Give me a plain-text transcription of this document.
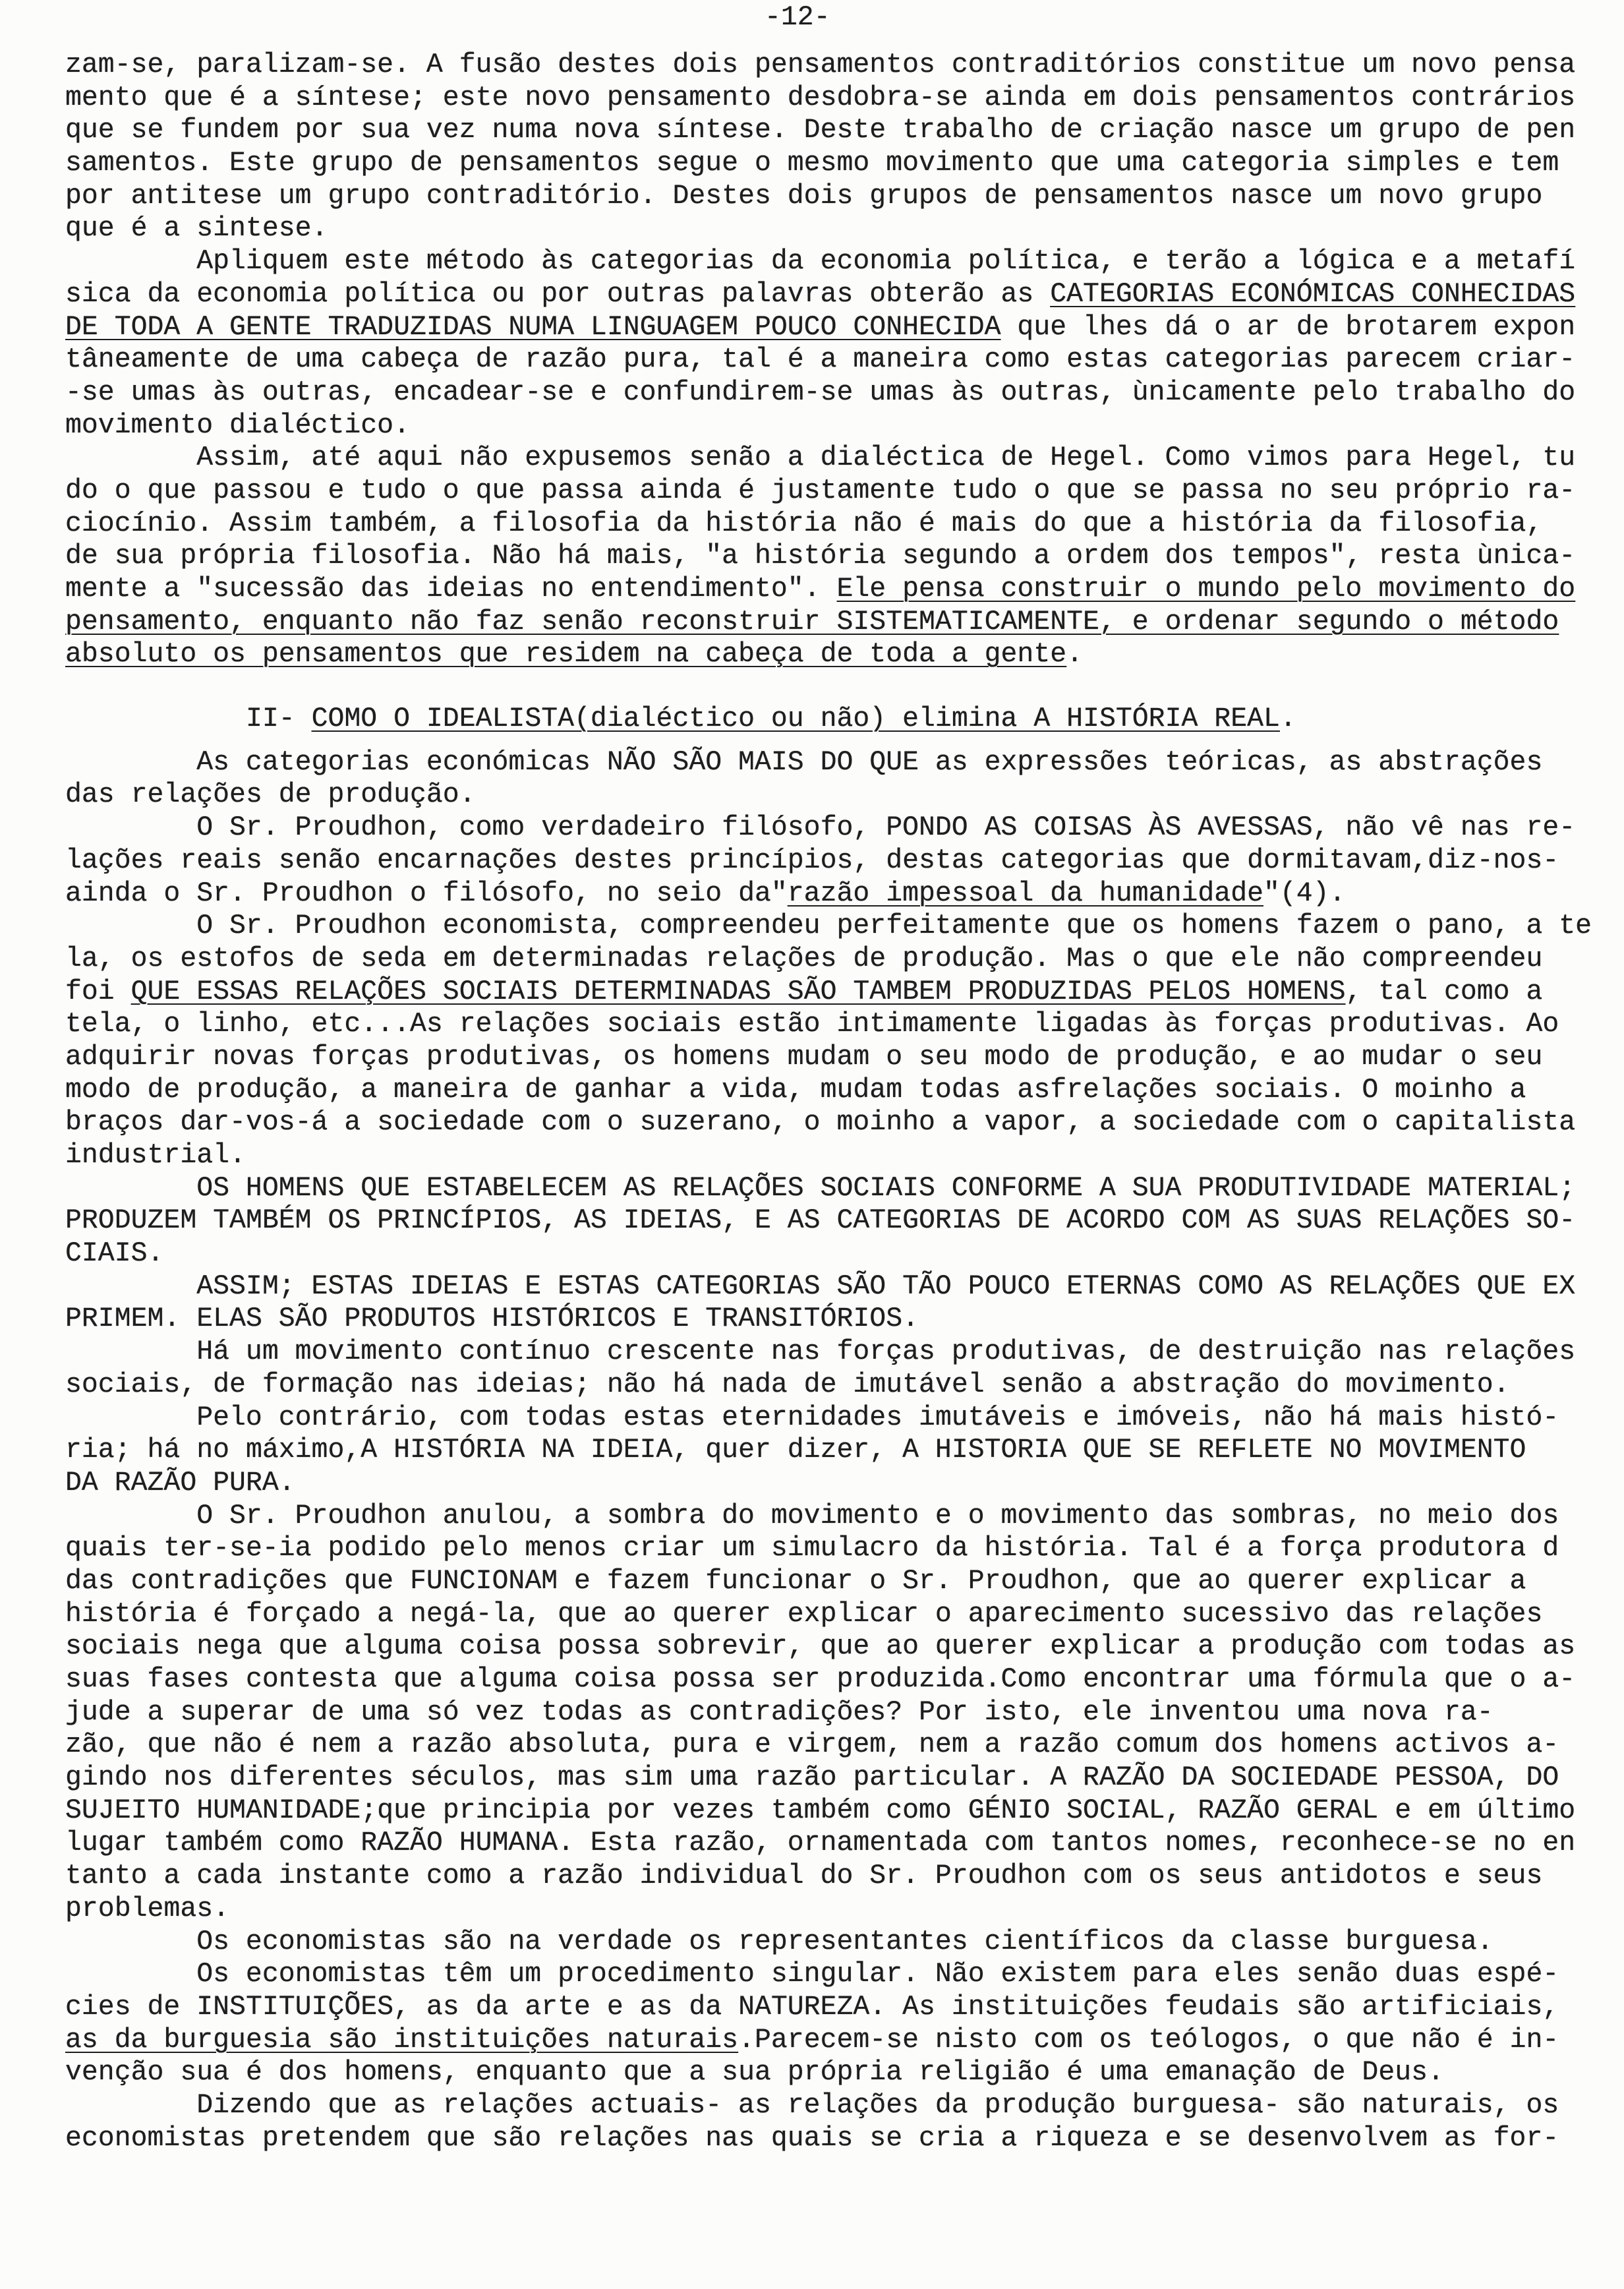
-12-
zam-se, paralizam-se. A fusão destes dois pensamentos contraditórios constitue um novo pensa
mento que é a síntese; este novo pensamento desdobra-se ainda em dois pensamentos contrários
que se fundem por sua vez numa nova síntese. Deste trabalho de criação nasce um grupo de pen
samentos. Este grupo de pensamentos segue o mesmo movimento que uma categoria simples e tem
por antitese um grupo contraditório. Destes dois grupos de pensamentos nasce um novo grupo
que é a sintese.
Apliquem este método às categorias da economia política, e terão a lógica e a metafí
sica da economia política ou por outras palavras obterão as CATEGORIAS ECONÓMICAS CONHECIDAS
DE TODA A GENTE TRADUZIDAS NUMA LINGUAGEM POUCO CONHECIDA que lhes dá o ar de brotarem expon
tâneamente de uma cabeça de razão pura, tal é a maneira como estas categorias parecem criar-
-se umas às outras, encadear-se e confundirem-se umas às outras, ùnicamente pelo trabalho do
movimento dialéctico.
Assim, até aqui não expusemos senão a dialéctica de Hegel. Como vimos para Hegel, tu
do o que passou e tudo o que passa ainda é justamente tudo o que se passa no seu próprio ra-
ciocínio. Assim também, a filosofia da história não é mais do que a história da filosofia,
de sua própria filosofia. Não há mais, "a história segundo a ordem dos tempos", resta ùnica-
mente a "sucessão das ideias no entendimento". Ele pensa construir o mundo pelo movimento do
pensamento, enquanto não faz senão reconstruir SISTEMATICAMENTE, e ordenar segundo o método
absoluto os pensamentos que residem na cabeça de toda a gente.
II- COMO O IDEALISTA(dialéctico ou não) elimina A HISTÓRIA REAL.
As categorias económicas NÃO SÃO MAIS DO QUE as expressões teóricas, as abstrações
das relações de produção.
O Sr. Proudhon, como verdadeiro filósofo, PONDO AS COISAS ÀS AVESSAS, não vê nas re-
lações reais senão encarnações destes princípios, destas categorias que dormitavam,diz-nos-
ainda o Sr. Proudhon o filósofo, no seio da"razão impessoal da humanidade"(4).
O Sr. Proudhon economista, compreendeu perfeitamente que os homens fazem o pano, a te
la, os estofos de seda em determinadas relações de produção. Mas o que ele não compreendeu
foi QUE ESSAS RELAÇÕES SOCIAIS DETERMINADAS SÃO TAMBEM PRODUZIDAS PELOS HOMENS, tal como a
tela, o linho, etc...As relações sociais estão intimamente ligadas às forças produtivas. Ao
adquirir novas forças produtivas, os homens mudam o seu modo de produção, e ao mudar o seu
modo de produção, a maneira de ganhar a vida, mudam todas asfrelações sociais. O moinho a
braços dar-vos-á a sociedade com o suzerano, o moinho a vapor, a sociedade com o capitalista
industrial.
OS HOMENS QUE ESTABELECEM AS RELAÇÕES SOCIAIS CONFORME A SUA PRODUTIVIDADE MATERIAL;
PRODUZEM TAMBÉM OS PRINCÍPIOS, AS IDEIAS, E AS CATEGORIAS DE ACORDO COM AS SUAS RELAÇÕES SO-
CIAIS.
ASSIM; ESTAS IDEIAS E ESTAS CATEGORIAS SÃO TÃO POUCO ETERNAS COMO AS RELAÇÕES QUE EX
PRIMEM. ELAS SÃO PRODUTOS HISTÓRICOS E TRANSITÓRIOS.
Há um movimento contínuo crescente nas forças produtivas, de destruição nas relações
sociais, de formação nas ideias; não há nada de imutável senão a abstração do movimento.
Pelo contrário, com todas estas eternidades imutáveis e imóveis, não há mais histó-
ria; há no máximo,A HISTÓRIA NA IDEIA, quer dizer, A HISTORIA QUE SE REFLETE NO MOVIMENTO
DA RAZÃO PURA.
O Sr. Proudhon anulou, a sombra do movimento e o movimento das sombras, no meio dos
quais ter-se-ia podido pelo menos criar um simulacro da história. Tal é a força produtora d
das contradições que FUNCIONAM e fazem funcionar o Sr. Proudhon, que ao querer explicar a
história é forçado a negá-la, que ao querer explicar o aparecimento sucessivo das relações
sociais nega que alguma coisa possa sobrevir, que ao querer explicar a produção com todas as
suas fases contesta que alguma coisa possa ser produzida.Como encontrar uma fórmula que o a-
jude a superar de uma só vez todas as contradições? Por isto, ele inventou uma nova ra-
zão, que não é nem a razão absoluta, pura e virgem, nem a razão comum dos homens activos a-
gindo nos diferentes séculos, mas sim uma razão particular. A RAZÃO DA SOCIEDADE PESSOA, DO
SUJEITO HUMANIDADE;que principia por vezes também como GÉNIO SOCIAL, RAZÃO GERAL e em último
lugar também como RAZÃO HUMANA. Esta razão, ornamentada com tantos nomes, reconhece-se no en
tanto a cada instante como a razão individual do Sr. Proudhon com os seus antidotos e seus
problemas.
Os economistas são na verdade os representantes científicos da classe burguesa.
Os economistas têm um procedimento singular. Não existem para eles senão duas espé-
cies de INSTITUIÇÕES, as da arte e as da NATUREZA. As instituições feudais são artificiais,
as da burguesia são instituições naturais.Parecem-se nisto com os teólogos, o que não é in-
venção sua é dos homens, enquanto que a sua própria religião é uma emanação de Deus.
Dizendo que as relações actuais- as relações da produção burguesa- são naturais, os
economistas pretendem que são relações nas quais se cria a riqueza e se desenvolvem as for-
